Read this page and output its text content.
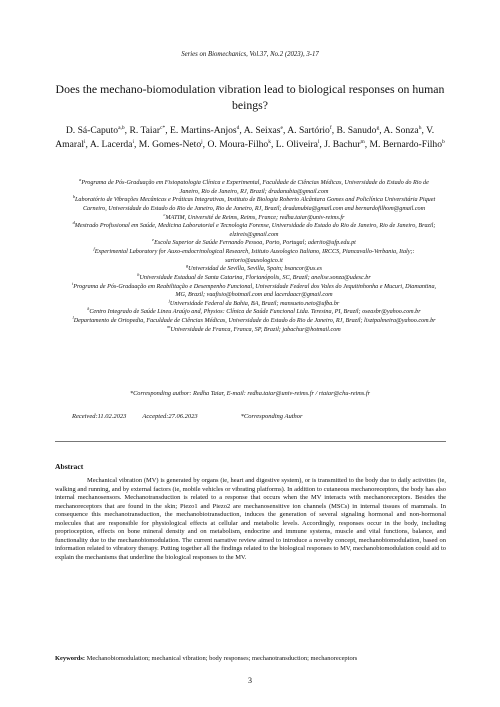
Series on Biomechanics, Vol.37, No.2 (2023), 3-17
Does the mechano-biomodulation vibration lead to biological responses on human beings?
D. Sá-Caputo$^{a,b}$, R. Taiar$^{c*}$, E. Martins-Anjos$^d$, A. Seixas$^e$, A. Sartório$^f$, B. Sanudo$^g$, A. Sonza$^h$, V. Amaral$^i$, A. Lacerda$^i$, M. Gomes-Neto$^j$, O. Moura-Filho$^k$, L. Oliveira$^l$, J. Bachur$^m$, M. Bernardo-Filho$^b$
$^a$Programa de Pós-Graduação em Fisiopatologia Clínica e Experimental, Faculdade de Ciências Médicas, Universidade do Estado do Rio de Janeiro, Rio de Janeiro, RJ, Brazil; dradanubia@gmail.com
$^b$Laboratório de Vibrações Mecânicas e Práticas Integrativas, Instituto de Biologia Roberto Alcântara Gomes and Policlínica Universitária Piquet Carneiro, Universidade do Estado do Rio de Janeiro, Rio de Janeiro, RJ, Brazil; dradanubia@gmail.com and bernardofilhom@gmail.com
$^c$MATIM, Université de Reims, Reims, France; redha.taiar@univ-reims.fr
$^d$Mestrado Profissional em Saúde, Medicina Laboratorial e Tecnologia Forense, Universidade do Estado do Rio de Janeiro, Rio de Janeiro, Brazil; elzireis@gmail.com
$^e$Escola Superior de Saúde Fernando Pessoa, Porto, Portugal; aderito@ufp.edu.pt
$^f$Experimental Laboratory for Auxo-endocrinological Research, Istituto Auxologico Italiano, IRCCS, Piancavallo-Verbania, Italy;: sartorio@auxologico.it
$^g$Universidad de Sevilla, Sevilla, Spain; bsancor@us.es
$^h$Universidade Estadual de Santa Catarina, Florianópolis, SC, Brazil; anelise.sonza@udesc.br
$^i$Programa de Pós-Graduação em Reabilitação e Desempenho Funcional, Universidade Federal dos Vales do Jequitinhonha e Mucuri, Diamantina, MG, Brazil; vaafisio@hotmail.com and lacerdaacr@gmail.com
$^j$Universidade Federal da Bahia, BA, Brazil; mansueto.neto@ufba.br
$^k$Centro Integrado de Saúde Lineu Araújo and, Physios: Clínica de Saúde Funcional Ltda. Teresina, PI, Brazil; oseasbr@yahoo.com.br
$^l$Departamento de Ortopedia, Faculdade de Ciências Médicas, Universidade do Estado do Rio de Janeiro, RJ, Brazil; lisztpalmeira@yahoo.com.br
$^m$Universidade de Franca, Franca, SP, Brazil; jabachur@hotmail.com
*Corresponding author: Redha Taiar, E-mail: redha.taiar@univ-reims.fr / rtaiar@chu-reims.fr
Received:11.02.2023 Accepted:27.06.2023	*Corresponding Author
Abstract
Mechanical vibration (MV) is generated by organs (ie, heart and digestive system), or is transmitted to the body due to daily activities (ie, walking and running, and by external factors (ie, mobile vehicles or vibrating platforms). In addition to cutaneous mechanoreceptors, the body has also internal mechanosensors. Mechanotransduction is related to a response that occurs when the MV interacts with mechanoreceptors. Besides the mechanoreceptors that are found in the skin; Piezo1 and Piezo2 are mechanosensitive ion channels (MSCs) in internal tissues of mammals. In consequence this mechanotransduction, the mechanobiotransduction, induces the generation of several signaling hormonal and non-hormonal molecules that are responsible for physiological effects at cellular and metabolic levels. Accordingly, responses occur in the body, including proprioception, effects on bone mineral density and on metabolism, endocrine and immune systems, muscle and vital functions, balance, and functionality due to the mechanobiomodulation. The current narrative review aimed to introduce a novelty concept, mechanobiomodulation, based on information related to vibratory therapy. Putting together all the findings related to the biological responses to MV, mechanobiomodulation could aid to explain the mechanisms that underline the biological responses to the MV.
Keywords: Mechanobiomodulation; mechanical vibration; body responses; mechanotransduction; mechanoreceptors
3
